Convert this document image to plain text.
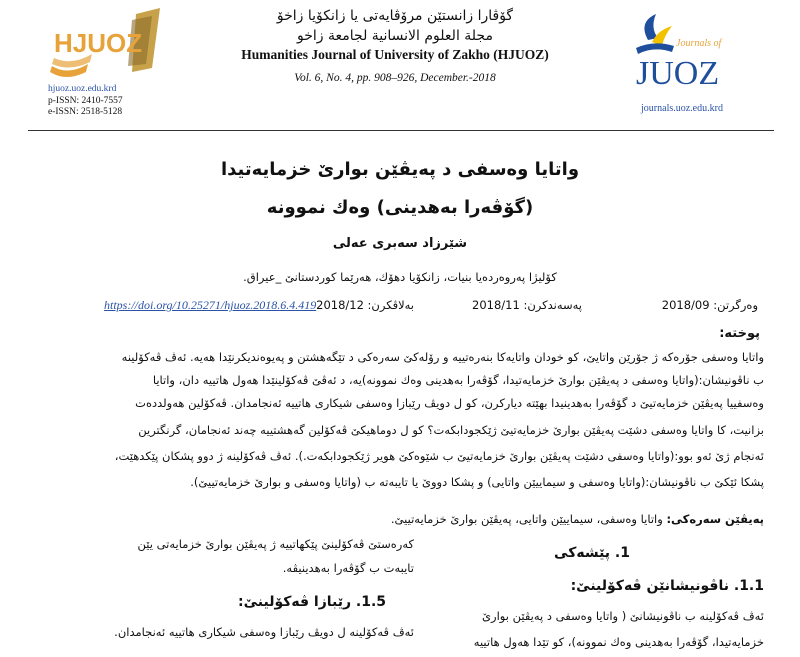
HJUOZ
hjuoz.uoz.edu.krd
p-ISSN: 2410-7557
e-ISSN: 2518-5128
گۆڤارا زانستێن مرۆڤایەتی یا زانكۆیا زاخۆ
مجلة العلوم الانسانية لجامعة زاخو
Humanities Journal of University of Zakho (HJUOZ)
Vol. 6, No. 4, pp. 908–926, December.-2018
Journals of
JUOZ
journals.uoz.edu.krd
واتایا وەسفی د پەیڤێن بوارێ خزمایەتیدا
(گۆڤەرا بەهدینی) وەك نموونە
شێرزاد سەبری عەلی
كۆلیژا پەروەردەیا بنیات، زانكۆیا دهۆك، هەرێما كوردستانێ _عیراق.
وەرگرتن: 2018/09
پەسەندكرن: 2018/11
بەلاڤكرن: 2018/12
https://doi.org/10.25271/hjuoz.2018.6.4.419
پوختە:
واتایا وەسفی جۆرەكە ژ جۆرێن واتایێ، كو خودان واتایەكا بنەرەتییە و رۆلەكێ سەرەكی د تێگەهشتن و پەیوەندیكرنێدا هەیە. ئەڤ ڤەكۆلینە
ب ناڤونیشان:(واتایا وەسفی د پەیڤێن بوارێ خزمایەتیدا، گۆڤەرا بەهدینی وەك نموونە)یە، د ئەڤێ ڤەكۆلینێدا هەول هاتییە دان، واتایا
وەسفییا پەیڤێن خزمایەتیێ د گۆڤەرا بەهدینیدا بهێتە دیاركرن، كو ل دویڤ رێبازا وەسفی شیكاری هاتییە ئەنجامدان. ڤەكۆلین هەولددەت
بزانیت، كا واتایا وەسفی دشێت پەیڤێن بوارێ خزمایەتیێ ژێكجودابكەت؟ كو ل دوماهیكێ ڤەكۆلین گەهشتییە چەند ئەنجامان، گرنگترین
ئەنجام ژێ ئەو بوو:(واتایا وەسفی دشێت پەیڤێن بوارێ خزمایەتیێ ب شێوەكێ هویر ژێكجودابكەت.). ئەڤ ڤەكۆلینە ژ دوو پشكان پێكدهێت،
پشكا ئێكێ ب ناڤونیشان:(واتایا وەسفی و سیماییێن واتایی) و پشكا دووێ یا تایبەتە ب (واتایا وەسفی و بوارێ خزمایەتییێ).
پەیڤێن سەرەكی: واتایا وەسفی، سیماییێن واتایی، پەیڤێن بوارێ خزمایەتییێ.
1. پێشەكی
1.1. ناڤونیشانێن ڤەكۆلینێ:
ئەڤ ڤەكۆلینە ب ناڤونیشانێ ( واتایا وەسفی د پەیڤێن بوارێ
خزمایەتیدا، گۆڤەرا بەهدینی وەك نموونە)، كو تێدا هەول هاتییە
كەرەستێ ڤەكۆلینێ پێكهاتییە ژ پەیڤێن بوارێ خزمایەتی یێن
تایبەت ب گۆڤەرا بەهدینیڤە.
1.5. رێبازا ڤەكۆلینێ:
ئەڤ ڤەكۆلینە ل دویڤ رێبازا وەسفی شیكاری هاتییە ئەنجامدان.
